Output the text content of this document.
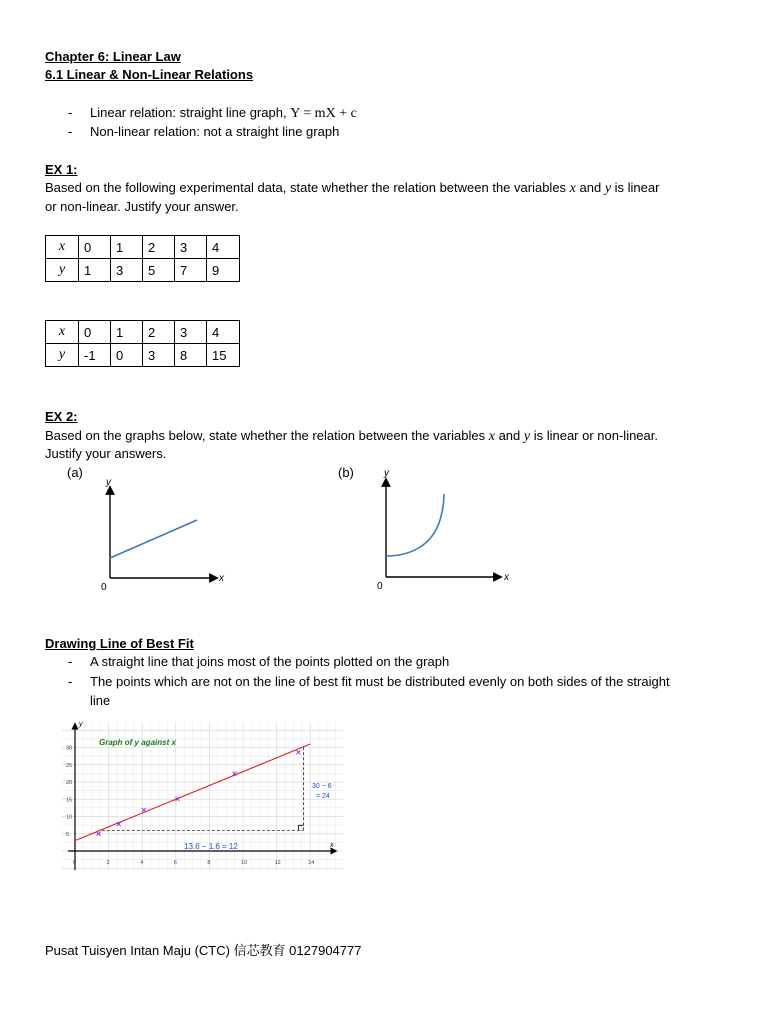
Chapter 6: Linear Law
6.1 Linear & Non-Linear Relations
- Linear relation: straight line graph, Y = mX + c
- Non-linear relation: not a straight line graph
EX 1:
Based on the following experimental data, state whether the relation between the variables x and y is linear
or non-linear. Justify your answer.
x	0	1	2	3	4
y	1	3	5	7	9
x	0	1	2	3	4
y	-1	0	3	8	15
EX 2:
Based on the graphs below, state whether the relation between the variables x and y is linear or non-linear.
Justify your answers.
(a)	(b)
y
x
0
y
x
0
Drawing Line of Best Fit
- A straight line that joins most of the points plotted on the graph
- The points which are not on the line of best fit must be distributed evenly on both sides of the straight
line
y
x
Graph of y against x
30
25
20
15
10
5
0	2	4	6	8	10	12	14
30 − 6
= 24
13.6 − 1.6 = 12
Pusat Tuisyen Intan Maju (CTC) 信芯教育 0127904777
